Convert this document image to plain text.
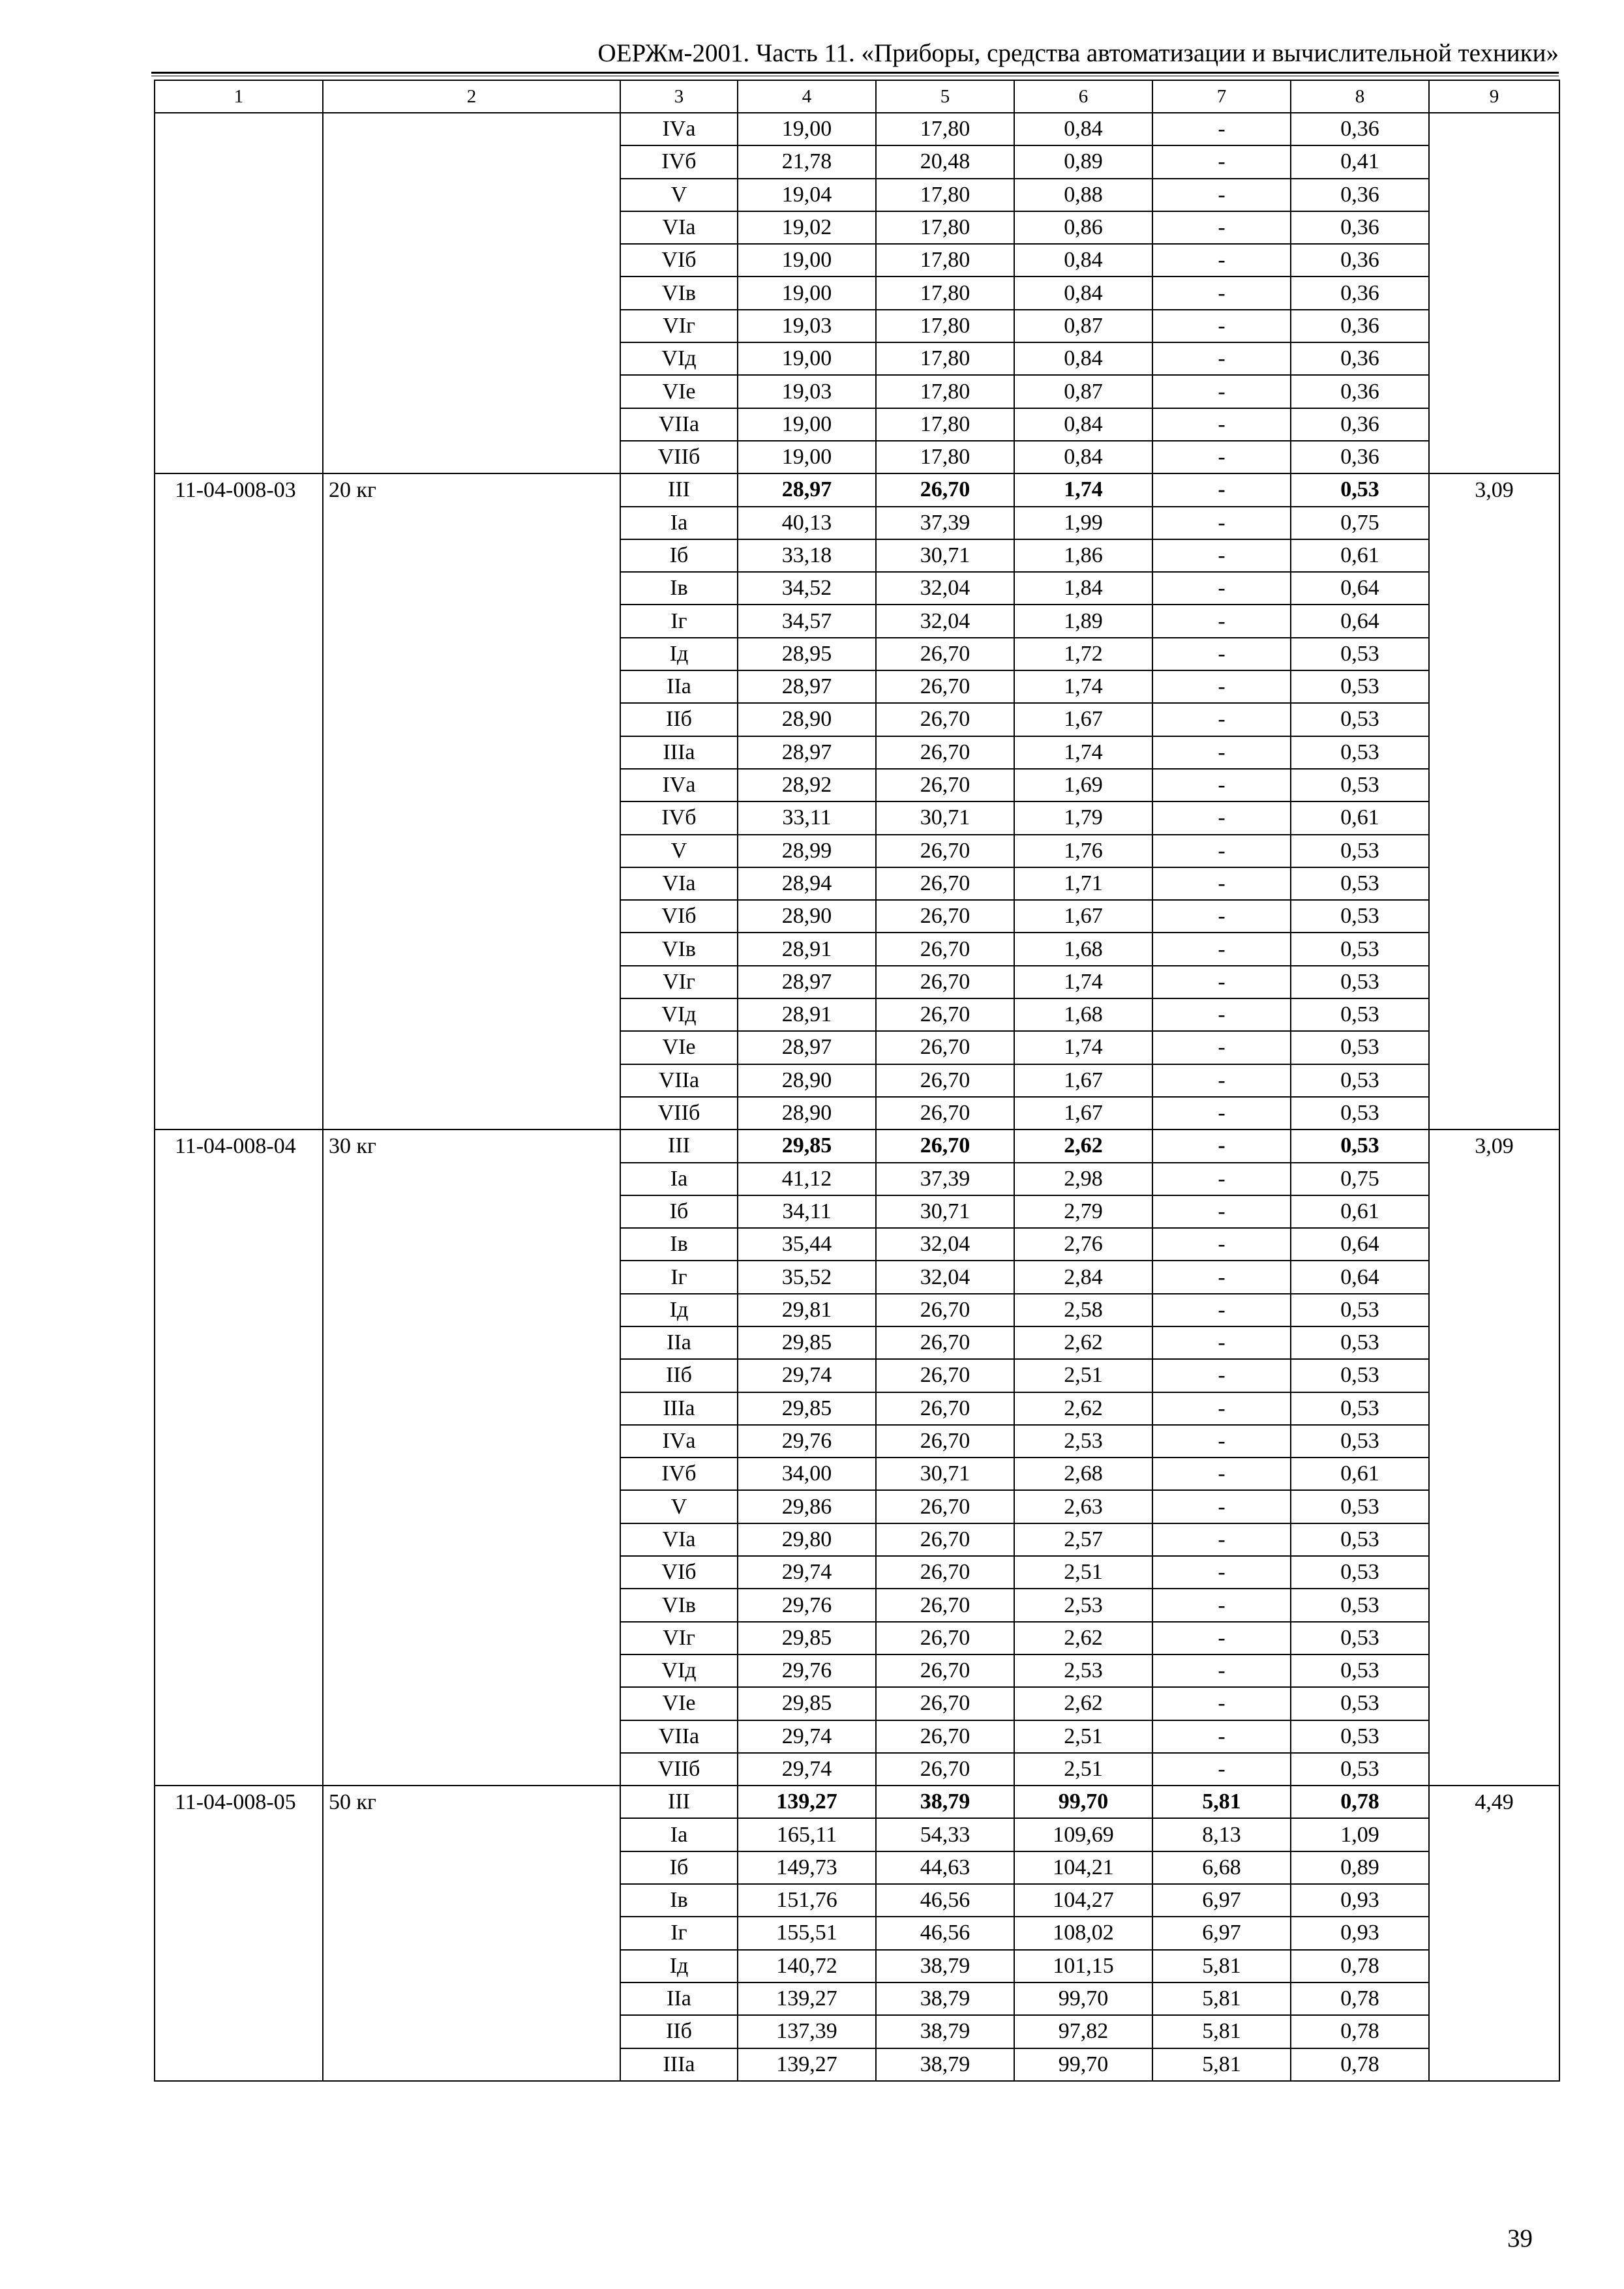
ОЕРЖм-2001. Часть 11. «Приборы, средства автоматизации и вычислительной техники»
1	2	3	4	5	6	7	8	9
		IVа	19,00	17,80	0,84	-	0,36	
		IVб	21,78	20,48	0,89	-	0,41	
		V	19,04	17,80	0,88	-	0,36	
		VIа	19,02	17,80	0,86	-	0,36	
		VIб	19,00	17,80	0,84	-	0,36	
		VIв	19,00	17,80	0,84	-	0,36	
		VIг	19,03	17,80	0,87	-	0,36	
		VIд	19,00	17,80	0,84	-	0,36	
		VIе	19,03	17,80	0,87	-	0,36	
		VIIа	19,00	17,80	0,84	-	0,36	
		VIIб	19,00	17,80	0,84	-	0,36	
11-04-008-03	20 кг	III	28,97	26,70	1,74	-	0,53	3,09
		Iа	40,13	37,39	1,99	-	0,75	
		Iб	33,18	30,71	1,86	-	0,61	
		Iв	34,52	32,04	1,84	-	0,64	
		Iг	34,57	32,04	1,89	-	0,64	
		Iд	28,95	26,70	1,72	-	0,53	
		IIа	28,97	26,70	1,74	-	0,53	
		IIб	28,90	26,70	1,67	-	0,53	
		IIIа	28,97	26,70	1,74	-	0,53	
		IVа	28,92	26,70	1,69	-	0,53	
		IVб	33,11	30,71	1,79	-	0,61	
		V	28,99	26,70	1,76	-	0,53	
		VIа	28,94	26,70	1,71	-	0,53	
		VIб	28,90	26,70	1,67	-	0,53	
		VIв	28,91	26,70	1,68	-	0,53	
		VIг	28,97	26,70	1,74	-	0,53	
		VIд	28,91	26,70	1,68	-	0,53	
		VIе	28,97	26,70	1,74	-	0,53	
		VIIа	28,90	26,70	1,67	-	0,53	
		VIIб	28,90	26,70	1,67	-	0,53	
11-04-008-04	30 кг	III	29,85	26,70	2,62	-	0,53	3,09
		Iа	41,12	37,39	2,98	-	0,75	
		Iб	34,11	30,71	2,79	-	0,61	
		Iв	35,44	32,04	2,76	-	0,64	
		Iг	35,52	32,04	2,84	-	0,64	
		Iд	29,81	26,70	2,58	-	0,53	
		IIа	29,85	26,70	2,62	-	0,53	
		IIб	29,74	26,70	2,51	-	0,53	
		IIIа	29,85	26,70	2,62	-	0,53	
		IVа	29,76	26,70	2,53	-	0,53	
		IVб	34,00	30,71	2,68	-	0,61	
		V	29,86	26,70	2,63	-	0,53	
		VIа	29,80	26,70	2,57	-	0,53	
		VIб	29,74	26,70	2,51	-	0,53	
		VIв	29,76	26,70	2,53	-	0,53	
		VIг	29,85	26,70	2,62	-	0,53	
		VIд	29,76	26,70	2,53	-	0,53	
		VIе	29,85	26,70	2,62	-	0,53	
		VIIа	29,74	26,70	2,51	-	0,53	
		VIIб	29,74	26,70	2,51	-	0,53	
11-04-008-05	50 кг	III	139,27	38,79	99,70	5,81	0,78	4,49
		Iа	165,11	54,33	109,69	8,13	1,09	
		Iб	149,73	44,63	104,21	6,68	0,89	
		Iв	151,76	46,56	104,27	6,97	0,93	
		Iг	155,51	46,56	108,02	6,97	0,93	
		Iд	140,72	38,79	101,15	5,81	0,78	
		IIа	139,27	38,79	99,70	5,81	0,78	
		IIб	137,39	38,79	97,82	5,81	0,78	
		IIIа	139,27	38,79	99,70	5,81	0,78	
39
